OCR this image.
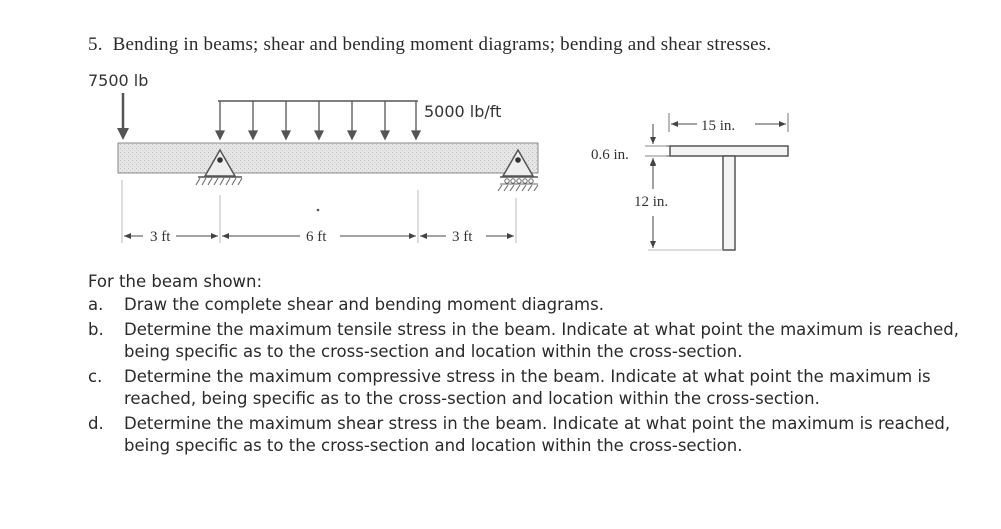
5. Bending in beams; shear and bending moment diagrams; bending and shear stresses.
7500 lb
5000 lb/ft
3 ft	6 ft	3 ft
15 in.
0.6 in.
12 in.
For the beam shown:
a. Draw the complete shear and bending moment diagrams.
b. Determine the maximum tensile stress in the beam. Indicate at what point the maximum is reached, being specific as to the cross-section and location within the cross-section.
c. Determine the maximum compressive stress in the beam. Indicate at what point the maximum is reached, being specific as to the cross-section and location within the cross-section.
d. Determine the maximum shear stress in the beam. Indicate at what point the maximum is reached, being specific as to the cross-section and location within the cross-section.
